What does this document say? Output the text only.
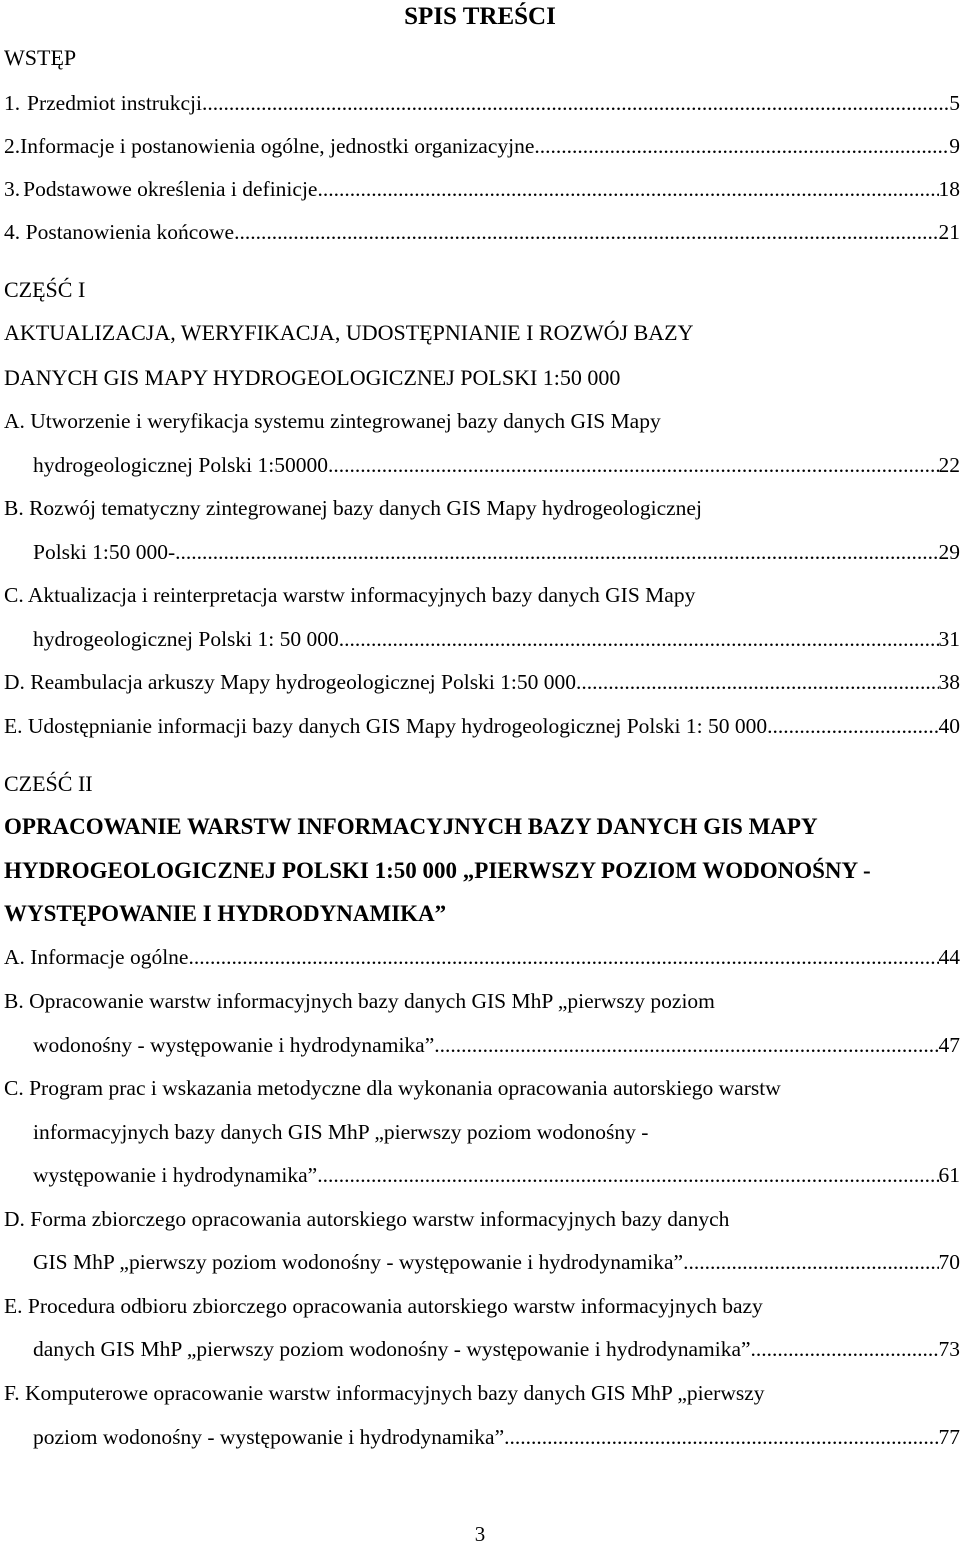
SPIS TREŚCI
WSTĘP
1. Przedmiot instrukcji .....	5
2. Informacje i postanowienia ogólne, jednostki organizacyjne .....	9
3. Podstawowe określenia i definicje .....	18
4. Postanowienia końcowe .....	21
CZĘŚĆ I
AKTUALIZACJA, WERYFIKACJA, UDOSTĘPNIANIE I ROZWÓJ BAZY
DANYCH GIS MAPY HYDROGEOLOGICZNEJ POLSKI 1:50 000
A. Utworzenie i weryfikacja systemu zintegrowanej bazy danych GIS Mapy
hydrogeologicznej Polski 1:50000 .....	22
B. Rozwój tematyczny zintegrowanej bazy danych GIS Mapy hydrogeologicznej
Polski 1:50 000- .....	29
C. Aktualizacja i reinterpretacja warstw informacyjnych bazy danych GIS Mapy
hydrogeologicznej Polski 1: 50 000 .....	31
D. Reambulacja arkuszy Mapy hydrogeologicznej Polski 1:50 000 .....	38
E. Udostępnianie informacji bazy danych GIS Mapy hydrogeologicznej Polski 1: 50 000 .....	40
CZEŚĆ II
OPRACOWANIE WARSTW INFORMACYJNYCH BAZY DANYCH GIS MAPY
HYDROGEOLOGICZNEJ POLSKI 1:50 000 „PIERWSZY POZIOM WODONOŚNY -
WYSTĘPOWANIE I HYDRODYNAMIKA”
A. Informacje ogólne .....	44
B. Opracowanie warstw informacyjnych bazy danych GIS MhP „pierwszy poziom
wodonośny - występowanie i hydrodynamika” .....	47
C. Program prac i wskazania metodyczne dla wykonania opracowania autorskiego warstw
informacyjnych bazy danych GIS MhP „pierwszy poziom wodonośny -
występowanie i hydrodynamika” .....	61
D. Forma zbiorczego opracowania autorskiego warstw informacyjnych bazy danych
GIS MhP „pierwszy poziom wodonośny - występowanie i hydrodynamika” .....	70
E. Procedura odbioru zbiorczego opracowania autorskiego warstw informacyjnych bazy
danych GIS MhP „pierwszy poziom wodonośny - występowanie i hydrodynamika” .....	73
F. Komputerowe opracowanie warstw informacyjnych bazy danych GIS MhP „pierwszy
poziom wodonośny - występowanie i hydrodynamika” .....	77
3
